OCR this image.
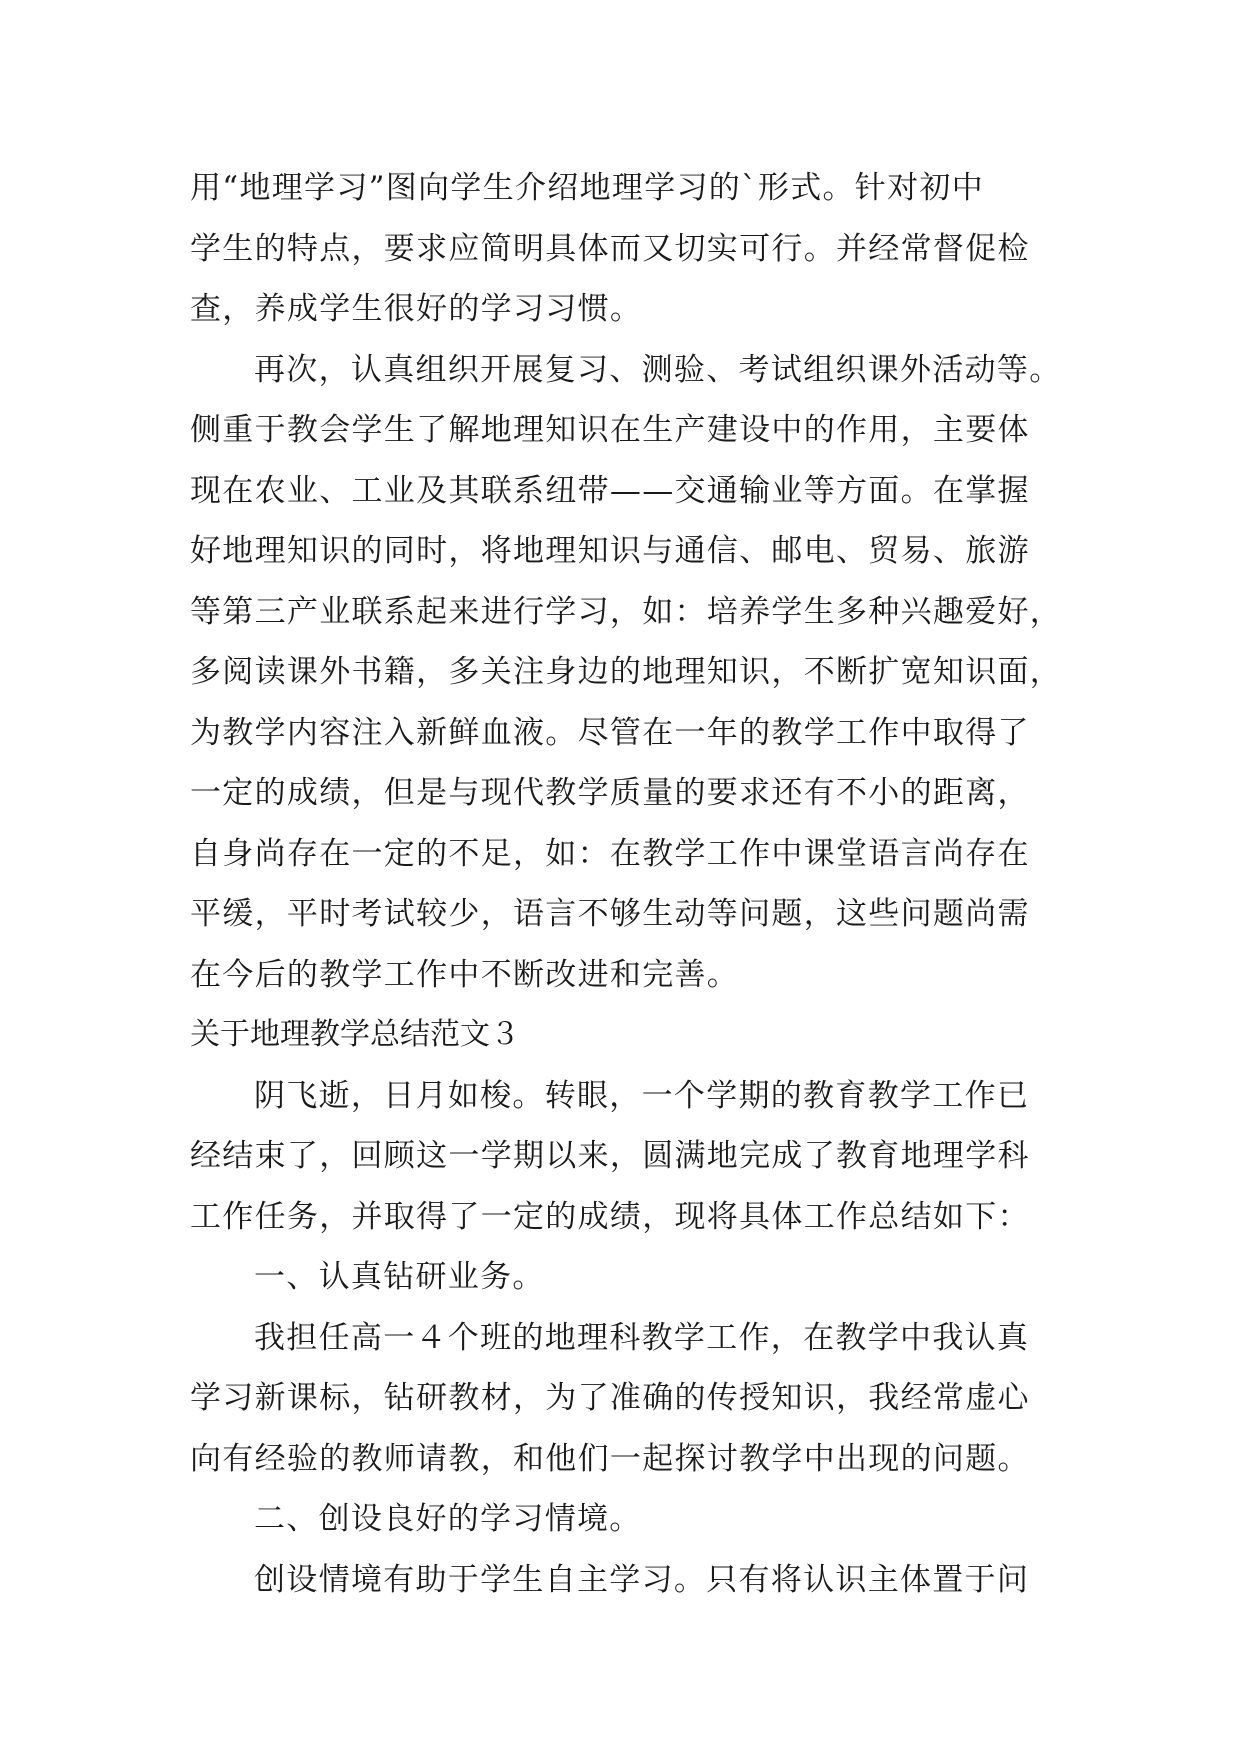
用“地理学习”图向学生介绍地理学习的`形式。针对初中
学生的特点，要求应简明具体而又切实可行。并经常督促检
查，养成学生很好的学习习惯。
再次，认真组织开展复习、测验、考试组织课外活动等。
侧重于教会学生了解地理知识在生产建设中的作用，主要体
现在农业、工业及其联系纽带——交通输业等方面。在掌握
好地理知识的同时，将地理知识与通信、邮电、贸易、旅游
等第三产业联系起来进行学习，如：培养学生多种兴趣爱好，
多阅读课外书籍，多关注身边的地理知识，不断扩宽知识面，
为教学内容注入新鲜血液。尽管在一年的教学工作中取得了
一定的成绩，但是与现代教学质量的要求还有不小的距离，
自身尚存在一定的不足，如：在教学工作中课堂语言尚存在
平缓，平时考试较少，语言不够生动等问题，这些问题尚需
在今后的教学工作中不断改进和完善。
关于地理教学总结范文３
阴飞逝，日月如梭。转眼，一个学期的教育教学工作已
经结束了，回顾这一学期以来，圆满地完成了教育地理学科
工作任务，并取得了一定的成绩，现将具体工作总结如下：
一、认真钻研业务。
我担任高一４个班的地理科教学工作，在教学中我认真
学习新课标，钻研教材，为了准确的传授知识，我经常虚心
向有经验的教师请教，和他们一起探讨教学中出现的问题。
二、创设良好的学习情境。
创设情境有助于学生自主学习。只有将认识主体置于问
